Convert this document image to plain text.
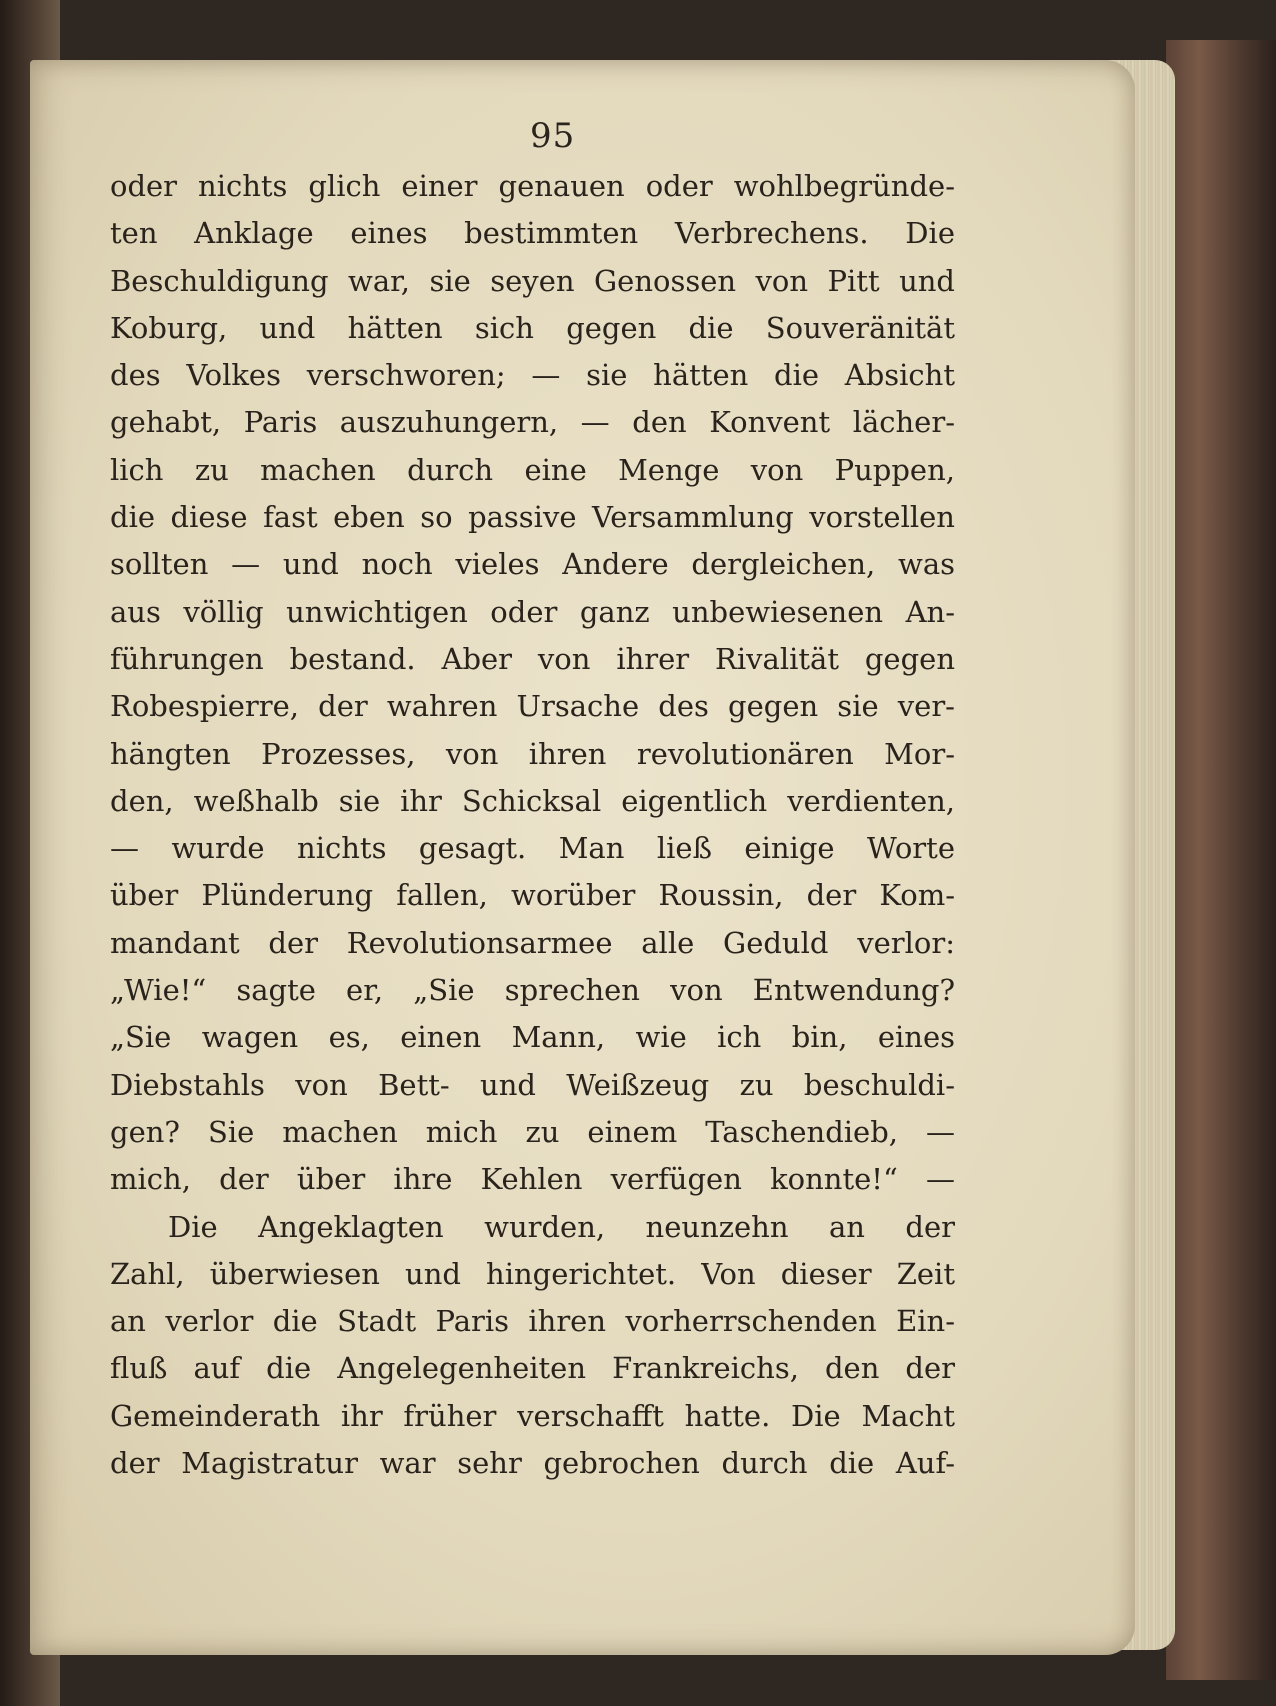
95
oder nichts glich einer genauen oder wohlbegründe-
ten Anklage eines bestimmten Verbrechens. Die
Beschuldigung war, sie seyen Genossen von Pitt und
Koburg, und hätten sich gegen die Souveränität
des Volkes verschworen; — sie hätten die Absicht
gehabt, Paris auszuhungern, — den Konvent lächer-
lich zu machen durch eine Menge von Puppen,
die diese fast eben so passive Versammlung vorstellen
sollten — und noch vieles Andere dergleichen, was
aus völlig unwichtigen oder ganz unbewiesenen An-
führungen bestand. Aber von ihrer Rivalität gegen
Robespierre, der wahren Ursache des gegen sie ver-
hängten Prozesses, von ihren revolutionären Mor-
den, weßhalb sie ihr Schicksal eigentlich verdienten,
— wurde nichts gesagt. Man ließ einige Worte
über Plünderung fallen, worüber Roussin, der Kom-
mandant der Revolutionsarmee alle Geduld verlor:
„Wie!“ sagte er, „Sie sprechen von Entwendung?
„Sie wagen es, einen Mann, wie ich bin, eines
Diebstahls von Bett- und Weißzeug zu beschuldi-
gen? Sie machen mich zu einem Taschendieb, —
mich, der über ihre Kehlen verfügen konnte!“ —
Die Angeklagten wurden, neunzehn an der
Zahl, überwiesen und hingerichtet. Von dieser Zeit
an verlor die Stadt Paris ihren vorherrschenden Ein-
fluß auf die Angelegenheiten Frankreichs, den der
Gemeinderath ihr früher verschafft hatte. Die Macht
der Magistratur war sehr gebrochen durch die Auf-
